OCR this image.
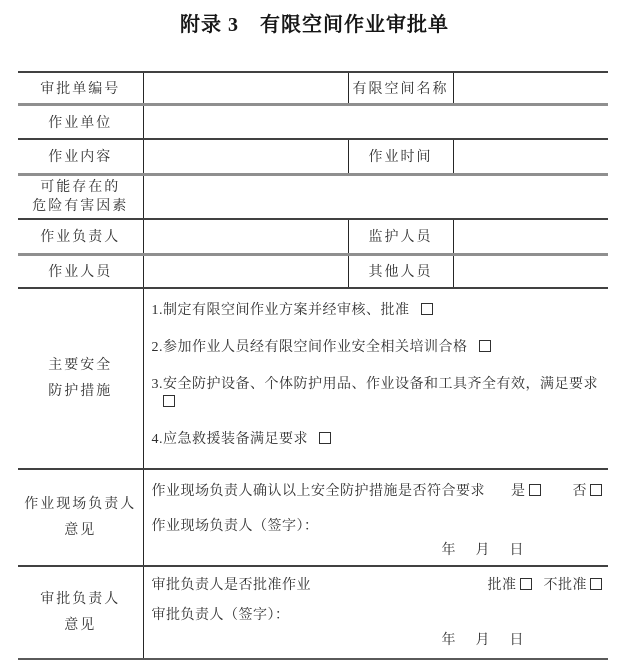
附录 3　有限空间作业审批单
审批单编号		有限空间名称	
作业单位			
作业内容		作业时间	

可能存在的
危险有害因素			

作业负责人		监护人员	
作业人员		其他人员	

主要安全
防护措施

1.制定有限空间作业方案并经审核、批准
2.参加作业人员经有限空间作业安全相关培训合格
3.安全防护设备、个体防护用品、作业设备和工具齐全有效，满足要求
4.应急救援装备满足要求

作业现场负责人
意见

作业现场负责人确认以上安全防护措施是否符合要求 是	否
作业现场负责人（签字）：
年　月　日

审批负责人
意见

审批负责人是否批准作业	批准	不批准
审批负责人（签字）：
年　月　日
